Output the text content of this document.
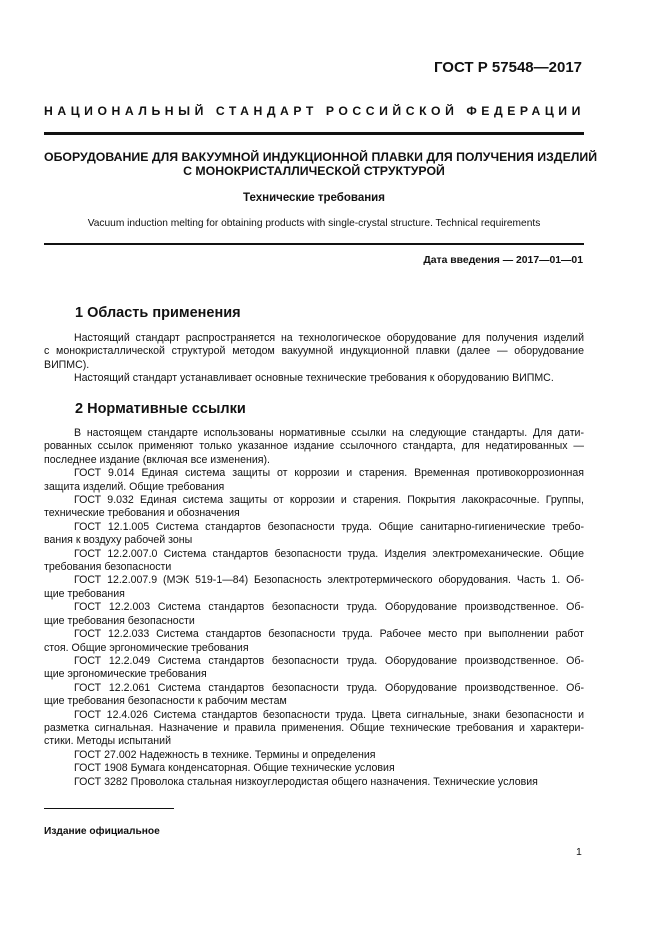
ГОСТ Р 57548—2017
НАЦИОНАЛЬНЫЙ СТАНДАРТ РОССИЙСКОЙ ФЕДЕРАЦИИ
ОБОРУДОВАНИЕ ДЛЯ ВАКУУМНОЙ ИНДУКЦИОННОЙ ПЛАВКИ ДЛЯ ПОЛУЧЕНИЯ ИЗДЕЛИЙ
С МОНОКРИСТАЛЛИЧЕСКОЙ СТРУКТУРОЙ
Технические требования
Vacuum induction melting for obtaining products with single-crystal structure. Technical requirements
Дата введения — 2017—01—01
1 Область применения
Настоящий стандарт распространяется на технологическое оборудование для получения изделий
с монокристаллической структурой методом вакуумной индукционной плавки (далее — оборудование
ВИПМС).
Настоящий стандарт устанавливает основные технические требования к оборудованию ВИПМС.
2 Нормативные ссылки
В настоящем стандарте использованы нормативные ссылки на следующие стандарты. Для дати-
рованных ссылок применяют только указанное издание ссылочного стандарта, для недатированных —
последнее издание (включая все изменения).
ГОСТ 9.014 Единая система защиты от коррозии и старения. Временная противокоррозионная
защита изделий. Общие требования
ГОСТ 9.032 Единая система защиты от коррозии и старения. Покрытия лакокрасочные. Группы,
технические требования и обозначения
ГОСТ 12.1.005 Система стандартов безопасности труда. Общие санитарно-гигиенические требо-
вания к воздуху рабочей зоны
ГОСТ 12.2.007.0 Система стандартов безопасности труда. Изделия электромеханические. Общие
требования безопасности
ГОСТ 12.2.007.9 (МЭК 519-1—84) Безопасность электротермического оборудования. Часть 1. Об-
щие требования
ГОСТ 12.2.003 Система стандартов безопасности труда. Оборудование производственное. Об-
щие требования безопасности
ГОСТ 12.2.033 Система стандартов безопасности труда. Рабочее место при выполнении работ
стоя. Общие эргономические требования
ГОСТ 12.2.049 Система стандартов безопасности труда. Оборудование производственное. Об-
щие эргономические требования
ГОСТ 12.2.061 Система стандартов безопасности труда. Оборудование производственное. Об-
щие требования безопасности к рабочим местам
ГОСТ 12.4.026 Система стандартов безопасности труда. Цвета сигнальные, знаки безопасности и
разметка сигнальная. Назначение и правила применения. Общие технические требования и характери-
стики. Методы испытаний
ГОСТ 27.002 Надежность в технике. Термины и определения
ГОСТ 1908 Бумага конденсаторная. Общие технические условия
ГОСТ 3282 Проволока стальная низкоуглеродистая общего назначения. Технические условия
Издание официальное
1
